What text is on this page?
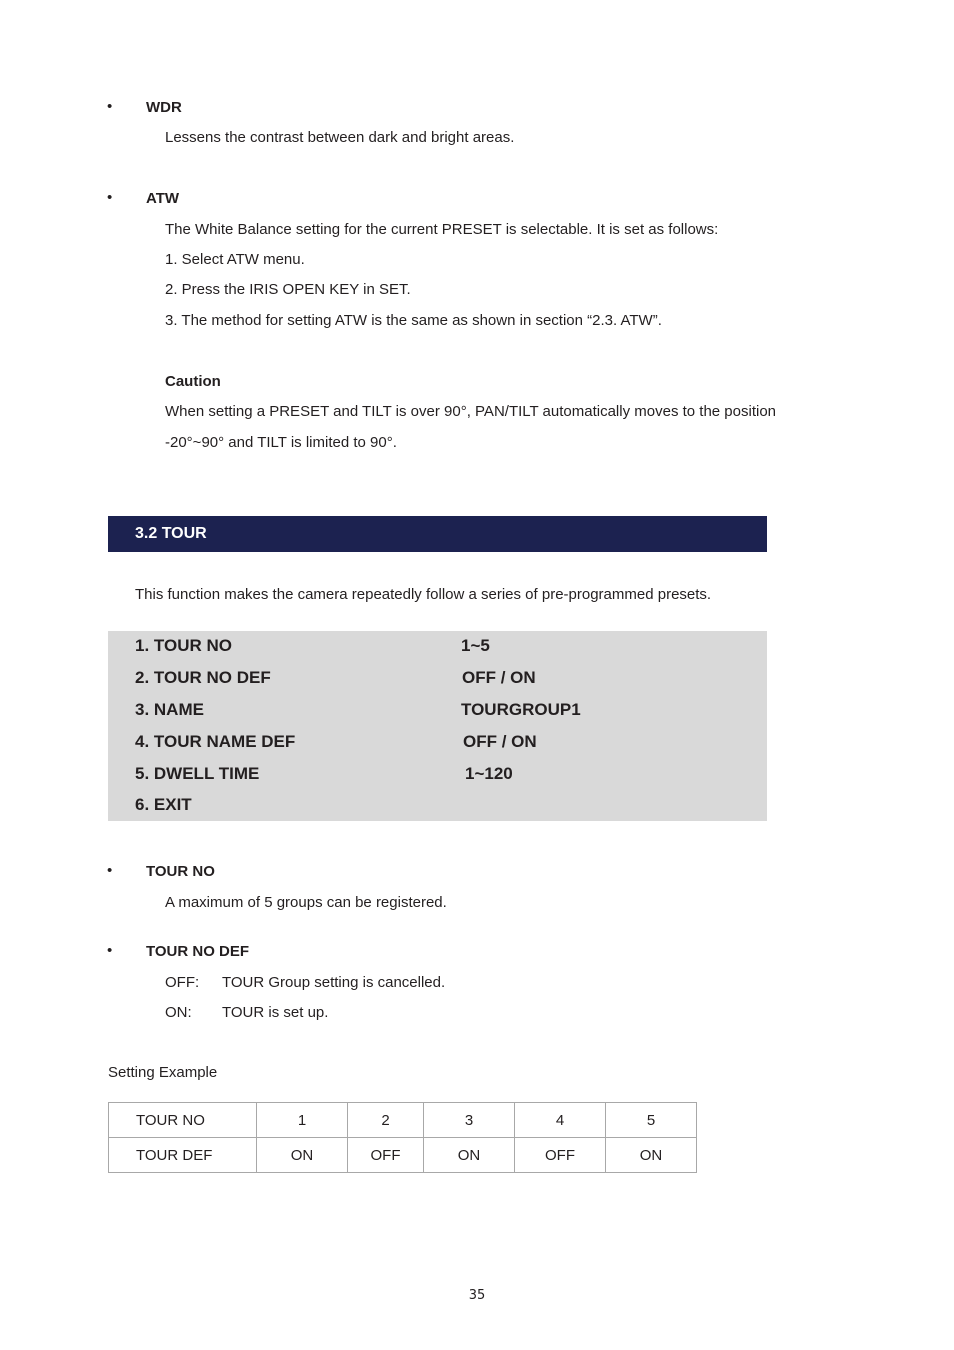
• WDR
Lessens the contrast between dark and bright areas.
• ATW
The White Balance setting for the current PRESET is selectable. It is set as follows:
1. Select ATW menu.
2. Press the IRIS OPEN KEY in SET.
3. The method for setting ATW is the same as shown in section “2.3. ATW”.
Caution
When setting a PRESET and TILT is over 90°, PAN/TILT automatically moves to the position
-20°~90° and TILT is limited to 90°.
3.2 TOUR
This function makes the camera repeatedly follow a series of pre-programmed presets.
1. TOUR NO	1~5
2. TOUR NO DEF	OFF / ON
3. NAME	TOURGROUP1
4. TOUR NAME DEF	OFF / ON
5. DWELL TIME	1~120
6. EXIT
• TOUR NO
A maximum of 5 groups can be registered.
• TOUR NO DEF
OFF: TOUR Group setting is cancelled.
ON: TOUR is set up.
Setting Example
TOUR NO	1	2	3	4	5
TOUR DEF	ON	OFF	ON	OFF	ON
35
